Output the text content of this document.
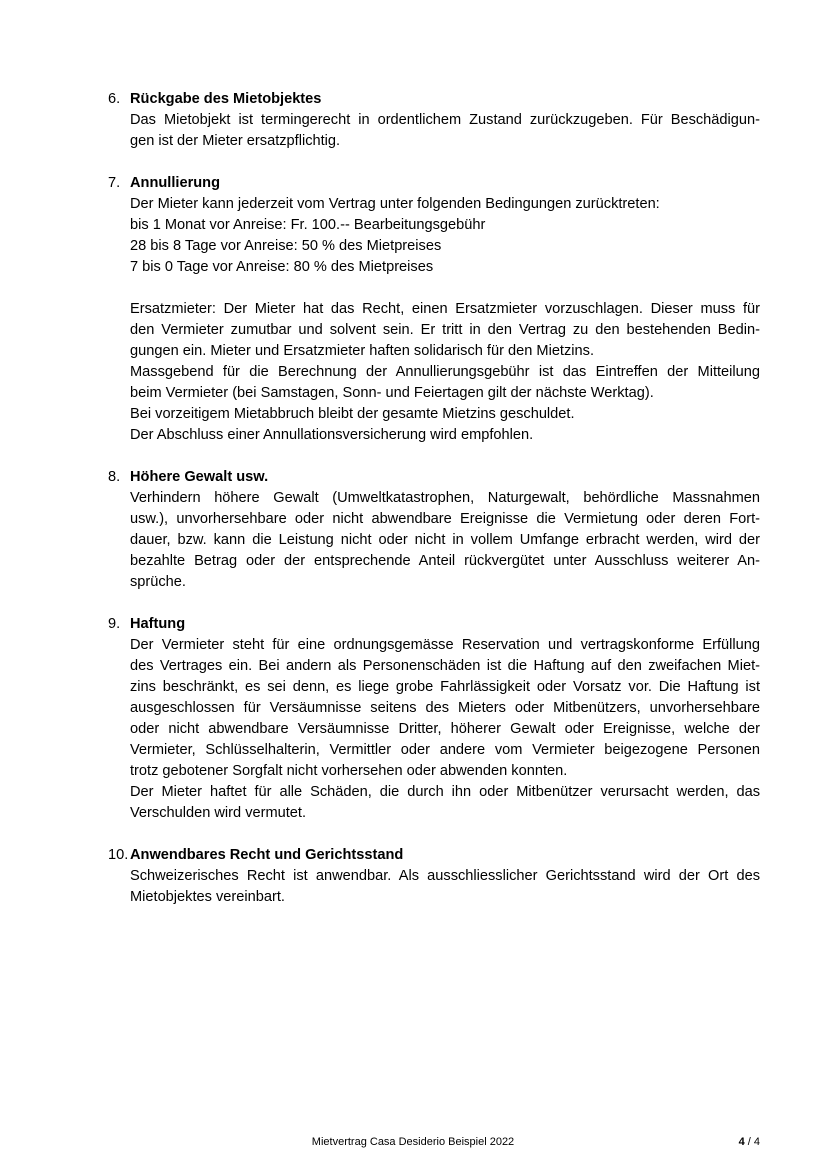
6. Rückgabe des Mietobjektes
Das Mietobjekt ist termingerecht in ordentlichem Zustand zurückzugeben. Für Beschädigun-
gen ist der Mieter ersatzpflichtig.
7. Annullierung
Der Mieter kann jederzeit vom Vertrag unter folgenden Bedingungen zurücktreten:
bis 1 Monat vor Anreise: Fr. 100.-- Bearbeitungsgebühr
28 bis 8 Tage vor Anreise: 50 % des Mietpreises
7 bis 0 Tage vor Anreise: 80 % des Mietpreises
Ersatzmieter: Der Mieter hat das Recht, einen Ersatzmieter vorzuschlagen. Dieser muss für
den Vermieter zumutbar und solvent sein. Er tritt in den Vertrag zu den bestehenden Bedin-
gungen ein. Mieter und Ersatzmieter haften solidarisch für den Mietzins.
Massgebend für die Berechnung der Annullierungsgebühr ist das Eintreffen der Mitteilung
beim Vermieter (bei Samstagen, Sonn- und Feiertagen gilt der nächste Werktag).
Bei vorzeitigem Mietabbruch bleibt der gesamte Mietzins geschuldet.
Der Abschluss einer Annullationsversicherung wird empfohlen.
8. Höhere Gewalt usw.
Verhindern höhere Gewalt (Umweltkatastrophen, Naturgewalt, behördliche Massnahmen
usw.), unvorhersehbare oder nicht abwendbare Ereignisse die Vermietung oder deren Fort-
dauer, bzw. kann die Leistung nicht oder nicht in vollem Umfange erbracht werden, wird der
bezahlte Betrag oder der entsprechende Anteil rückvergütet unter Ausschluss weiterer An-
sprüche.
9. Haftung
Der Vermieter steht für eine ordnungsgemässe Reservation und vertragskonforme Erfüllung
des Vertrages ein. Bei andern als Personenschäden ist die Haftung auf den zweifachen Miet-
zins beschränkt, es sei denn, es liege grobe Fahrlässigkeit oder Vorsatz vor. Die Haftung ist
ausgeschlossen für Versäumnisse seitens des Mieters oder Mitbenützers, unvorhersehbare
oder nicht abwendbare Versäumnisse Dritter, höherer Gewalt oder Ereignisse, welche der
Vermieter, Schlüsselhalterin, Vermittler oder andere vom Vermieter beigezogene Personen
trotz gebotener Sorgfalt nicht vorhersehen oder abwenden konnten.
Der Mieter haftet für alle Schäden, die durch ihn oder Mitbenützer verursacht werden, das
Verschulden wird vermutet.
10. Anwendbares Recht und Gerichtsstand
Schweizerisches Recht ist anwendbar. Als ausschliesslicher Gerichtsstand wird der Ort des
Mietobjektes vereinbart.
Mietvertrag Casa Desiderio Beispiel 2022	4 / 4
